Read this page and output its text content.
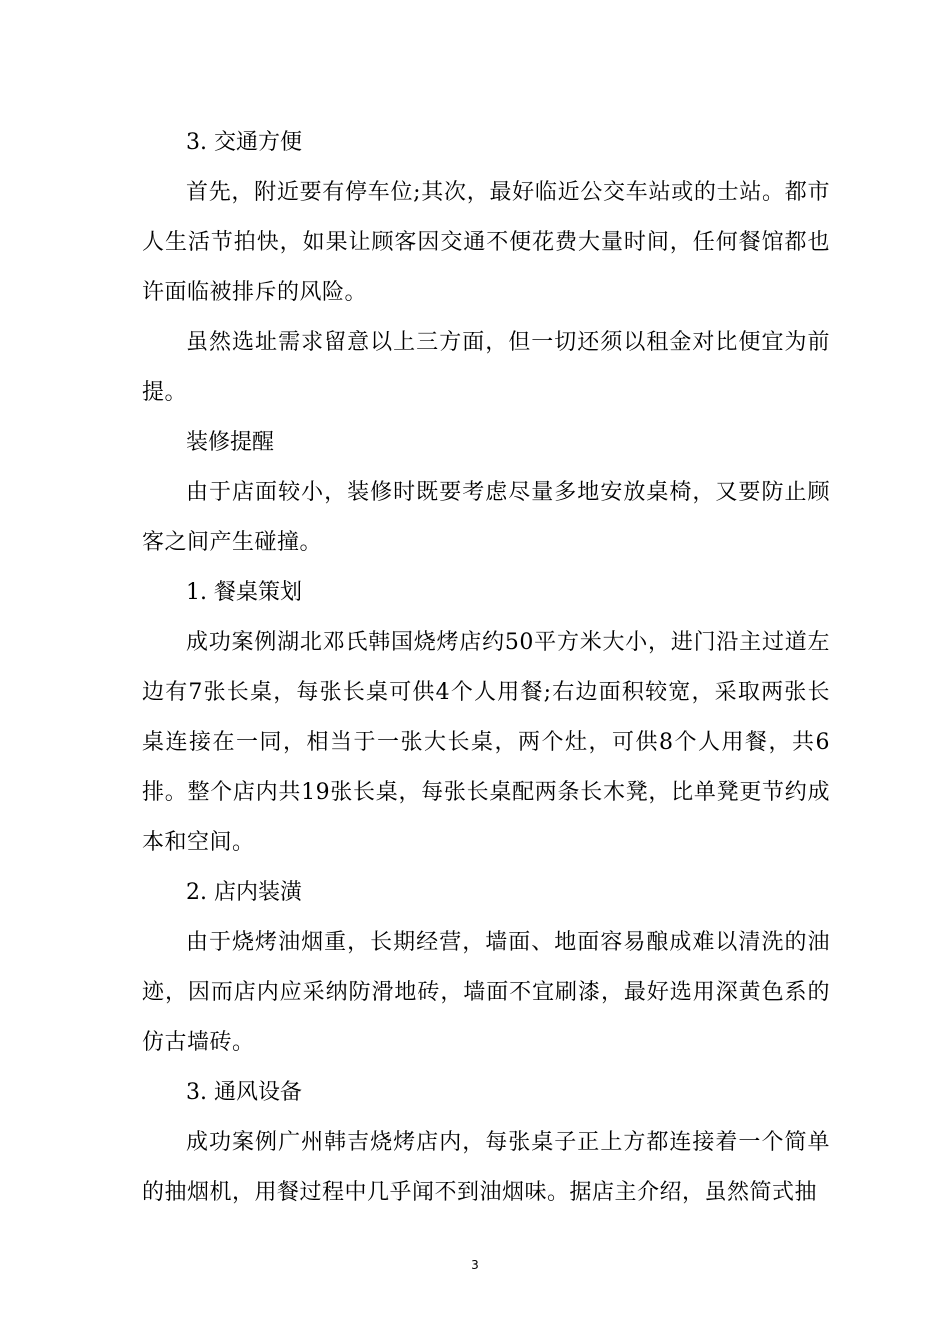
3. 交通方便

首先，附近要有停车位;其次，最好临近公交车站或的士站。都市人生活节拍快，如果让顾客因交通不便花费大量时间，任何餐馆都也许面临被排斥的风险。

虽然选址需求留意以上三方面，但一切还须以租金对比便宜为前提。

装修提醒

由于店面较小，装修时既要考虑尽量多地安放桌椅，又要防止顾客之间产生碰撞。

1. 餐桌策划

成功案例湖北邓氏韩国烧烤店约50平方米大小，进门沿主过道左边有7张长桌，每张长桌可供4个人用餐;右边面积较宽，采取两张长桌连接在一同，相当于一张大长桌，两个灶，可供8个人用餐，共6排。整个店内共19张长桌，每张长桌配两条长木凳，比单凳更节约成本和空间。

2. 店内装潢

由于烧烤油烟重，长期经营，墙面、地面容易酿成难以清洗的油迹，因而店内应采纳防滑地砖，墙面不宜刷漆，最好选用深黄色系的仿古墙砖。

3. 通风设备

成功案例广州韩吉烧烤店内，每张桌子正上方都连接着一个简单的抽烟机，用餐过程中几乎闻不到油烟味。据店主介绍，虽然简式抽

3
